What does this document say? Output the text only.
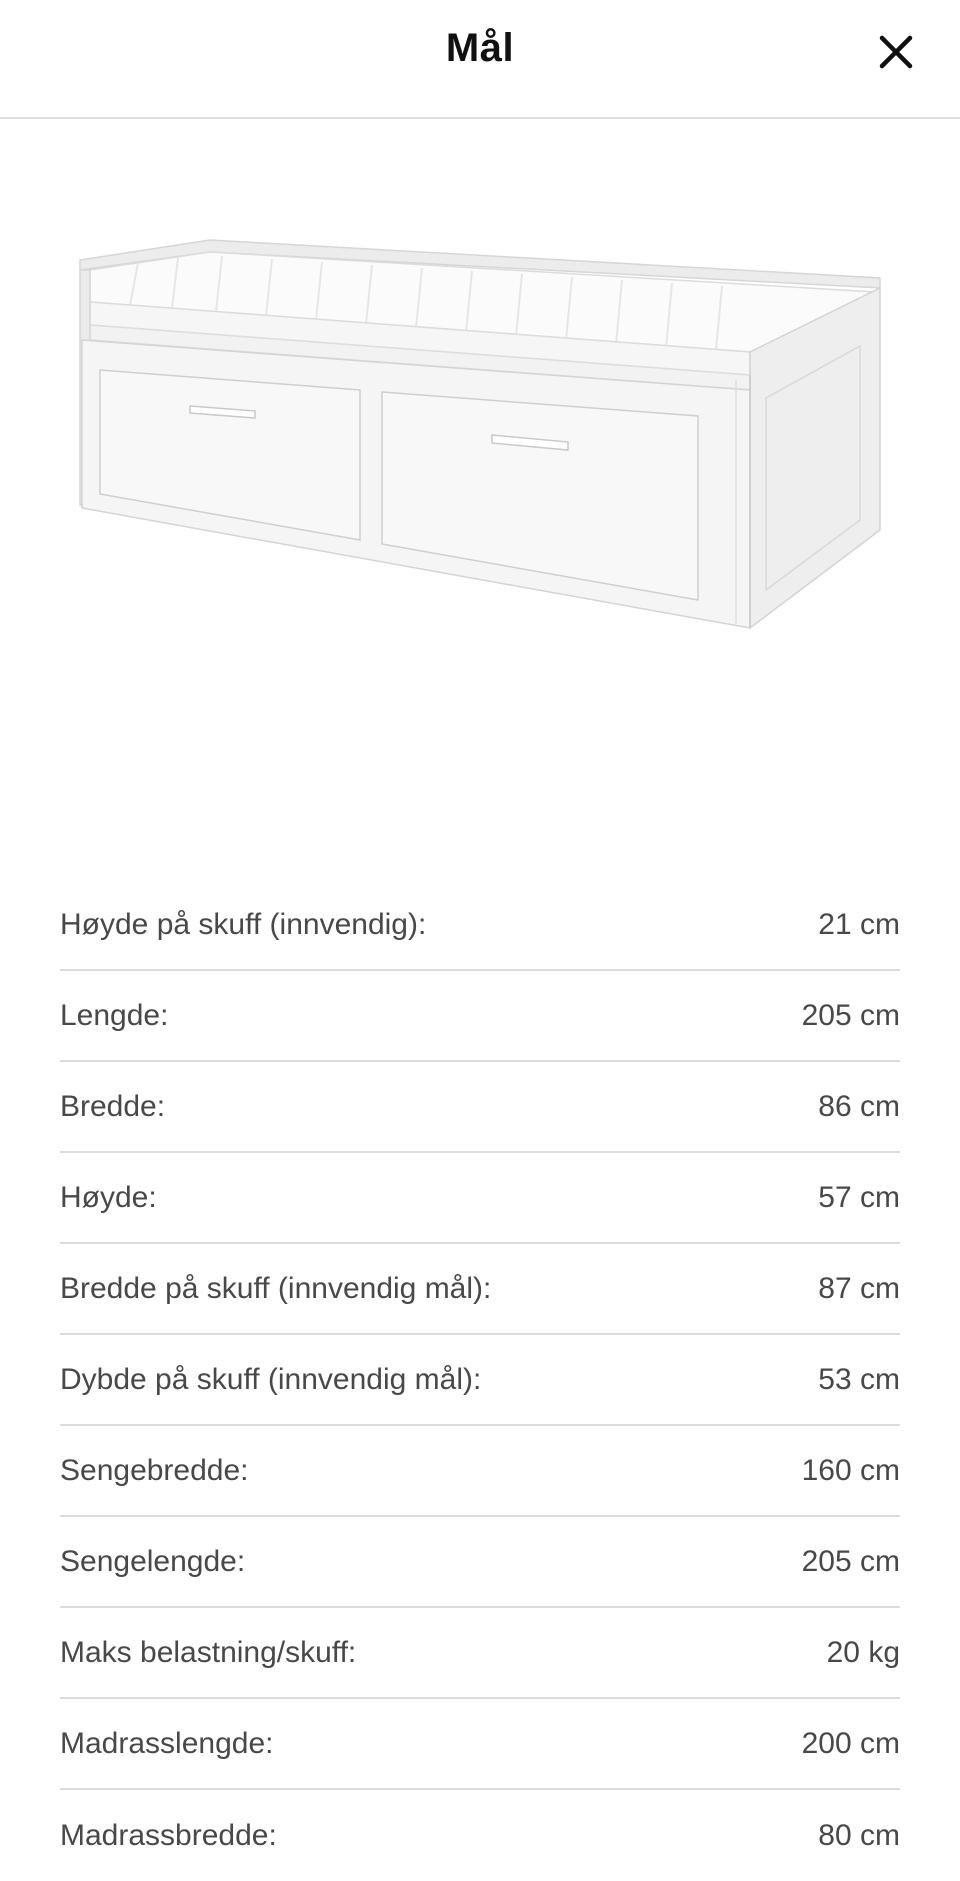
Mål
Høyde på skuff (innvendig):	21 cm
Lengde:	205 cm
Bredde:	86 cm
Høyde:	57 cm
Bredde på skuff (innvendig mål):	87 cm
Dybde på skuff (innvendig mål):	53 cm
Sengebredde:	160 cm
Sengelengde:	205 cm
Maks belastning/skuff:	20 kg
Madrasslengde:	200 cm
Madrassbredde:	80 cm
